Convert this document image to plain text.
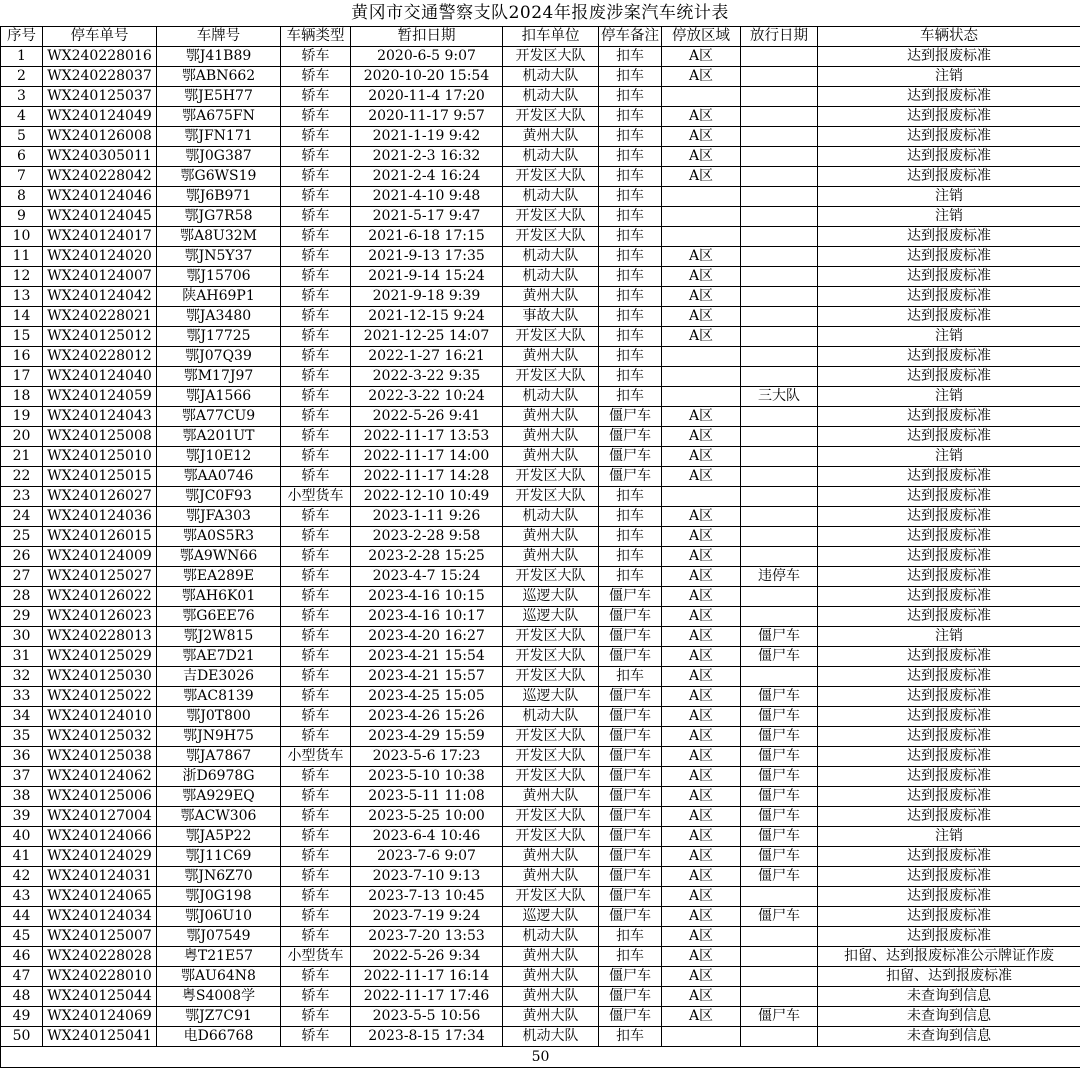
黄冈市交通警察支队2024年报废涉案汽车统计表
序号	停车单号	车牌号	车辆类型	暂扣日期	扣车单位	停车备注	停放区域	放行日期	车辆状态
1	WX240228016	鄂J41B89	轿车	2020-6-5 9:07	开发区大队	扣车	A区		达到报废标准
2	WX240228037	鄂ABN662	轿车	2020-10-20 15:54	机动大队	扣车	A区		注销
3	WX240125037	鄂JE5H77	轿车	2020-11-4 17:20	机动大队	扣车			达到报废标准
4	WX240124049	鄂A675FN	轿车	2020-11-17 9:57	开发区大队	扣车	A区		达到报废标准
5	WX240126008	鄂JFN171	轿车	2021-1-19 9:42	黄州大队	扣车	A区		达到报废标准
6	WX240305011	鄂J0G387	轿车	2021-2-3 16:32	机动大队	扣车	A区		达到报废标准
7	WX240228042	鄂G6WS19	轿车	2021-2-4 16:24	开发区大队	扣车	A区		达到报废标准
8	WX240124046	鄂J6B971	轿车	2021-4-10 9:48	机动大队	扣车			注销
9	WX240124045	鄂JG7R58	轿车	2021-5-17 9:47	开发区大队	扣车			注销
10	WX240124017	鄂A8U32M	轿车	2021-6-18 17:15	开发区大队	扣车			达到报废标准
11	WX240124020	鄂JN5Y37	轿车	2021-9-13 17:35	机动大队	扣车	A区		达到报废标准
12	WX240124007	鄂J15706	轿车	2021-9-14 15:24	机动大队	扣车	A区		达到报废标准
13	WX240124042	陕AH69P1	轿车	2021-9-18 9:39	黄州大队	扣车	A区		达到报废标准
14	WX240228021	鄂JA3480	轿车	2021-12-15 9:24	事故大队	扣车	A区		达到报废标准
15	WX240125012	鄂J17725	轿车	2021-12-25 14:07	开发区大队	扣车	A区		注销
16	WX240228012	鄂J07Q39	轿车	2022-1-27 16:21	黄州大队	扣车			达到报废标准
17	WX240124040	鄂M17J97	轿车	2022-3-22 9:35	开发区大队	扣车			达到报废标准
18	WX240124059	鄂JA1566	轿车	2022-3-22 10:24	机动大队	扣车		三大队	注销
19	WX240124043	鄂A77CU9	轿车	2022-5-26 9:41	黄州大队	僵尸车	A区		达到报废标准
20	WX240125008	鄂A201UT	轿车	2022-11-17 13:53	黄州大队	僵尸车	A区		达到报废标准
21	WX240125010	鄂J10E12	轿车	2022-11-17 14:00	黄州大队	僵尸车	A区		注销
22	WX240125015	鄂AA0746	轿车	2022-11-17 14:28	开发区大队	僵尸车	A区		达到报废标准
23	WX240126027	鄂JC0F93	小型货车	2022-12-10 10:49	开发区大队	扣车			达到报废标准
24	WX240124036	鄂JFA303	轿车	2023-1-11 9:26	机动大队	扣车	A区		达到报废标准
25	WX240126015	鄂A0S5R3	轿车	2023-2-28 9:58	黄州大队	扣车	A区		达到报废标准
26	WX240124009	鄂A9WN66	轿车	2023-2-28 15:25	黄州大队	扣车	A区		达到报废标准
27	WX240125027	鄂EA289E	轿车	2023-4-7 15:24	开发区大队	扣车	A区	违停车	达到报废标准
28	WX240126022	鄂AH6K01	轿车	2023-4-16 10:15	巡逻大队	僵尸车	A区		达到报废标准
29	WX240126023	鄂G6EE76	轿车	2023-4-16 10:17	巡逻大队	僵尸车	A区		达到报废标准
30	WX240228013	鄂J2W815	轿车	2023-4-20 16:27	开发区大队	僵尸车	A区	僵尸车	注销
31	WX240125029	鄂AE7D21	轿车	2023-4-21 15:54	开发区大队	僵尸车	A区	僵尸车	达到报废标准
32	WX240125030	吉DE3026	轿车	2023-4-21 15:57	开发区大队	扣车	A区		达到报废标准
33	WX240125022	鄂AC8139	轿车	2023-4-25 15:05	巡逻大队	僵尸车	A区	僵尸车	达到报废标准
34	WX240124010	鄂J0T800	轿车	2023-4-26 15:26	机动大队	僵尸车	A区	僵尸车	达到报废标准
35	WX240125032	鄂JN9H75	轿车	2023-4-29 15:59	开发区大队	僵尸车	A区	僵尸车	达到报废标准
36	WX240125038	鄂JA7867	小型货车	2023-5-6 17:23	开发区大队	僵尸车	A区	僵尸车	达到报废标准
37	WX240124062	浙D6978G	轿车	2023-5-10 10:38	开发区大队	僵尸车	A区	僵尸车	达到报废标准
38	WX240125006	鄂A929EQ	轿车	2023-5-11 11:08	黄州大队	僵尸车	A区	僵尸车	达到报废标准
39	WX240127004	鄂ACW306	轿车	2023-5-25 10:00	开发区大队	僵尸车	A区	僵尸车	达到报废标准
40	WX240124066	鄂JA5P22	轿车	2023-6-4 10:46	开发区大队	僵尸车	A区	僵尸车	注销
41	WX240124029	鄂J11C69	轿车	2023-7-6 9:07	黄州大队	僵尸车	A区	僵尸车	达到报废标准
42	WX240124031	鄂JN6Z70	轿车	2023-7-10 9:13	黄州大队	僵尸车	A区	僵尸车	达到报废标准
43	WX240124065	鄂J0G198	轿车	2023-7-13 10:45	开发区大队	僵尸车	A区		达到报废标准
44	WX240124034	鄂J06U10	轿车	2023-7-19 9:24	巡逻大队	僵尸车	A区	僵尸车	达到报废标准
45	WX240125007	鄂J07549	轿车	2023-7-20 13:53	机动大队	扣车	A区		达到报废标准
46	WX240228028	粤T21E57	小型货车	2022-5-26 9:34	黄州大队	扣车	A区		扣留、达到报废标准公示牌证作废
47	WX240228010	鄂AU64N8	轿车	2022-11-17 16:14	黄州大队	僵尸车	A区		扣留、达到报废标准
48	WX240125044	粤S4008学	轿车	2022-11-17 17:46	黄州大队	僵尸车	A区		未查询到信息
49	WX240124069	鄂JZ7C91	轿车	2023-5-5 10:56	黄州大队	僵尸车	A区	僵尸车	未查询到信息
50	WX240125041	电D66768	轿车	2023-8-15 17:34	机动大队	扣车			未查询到信息
50									
